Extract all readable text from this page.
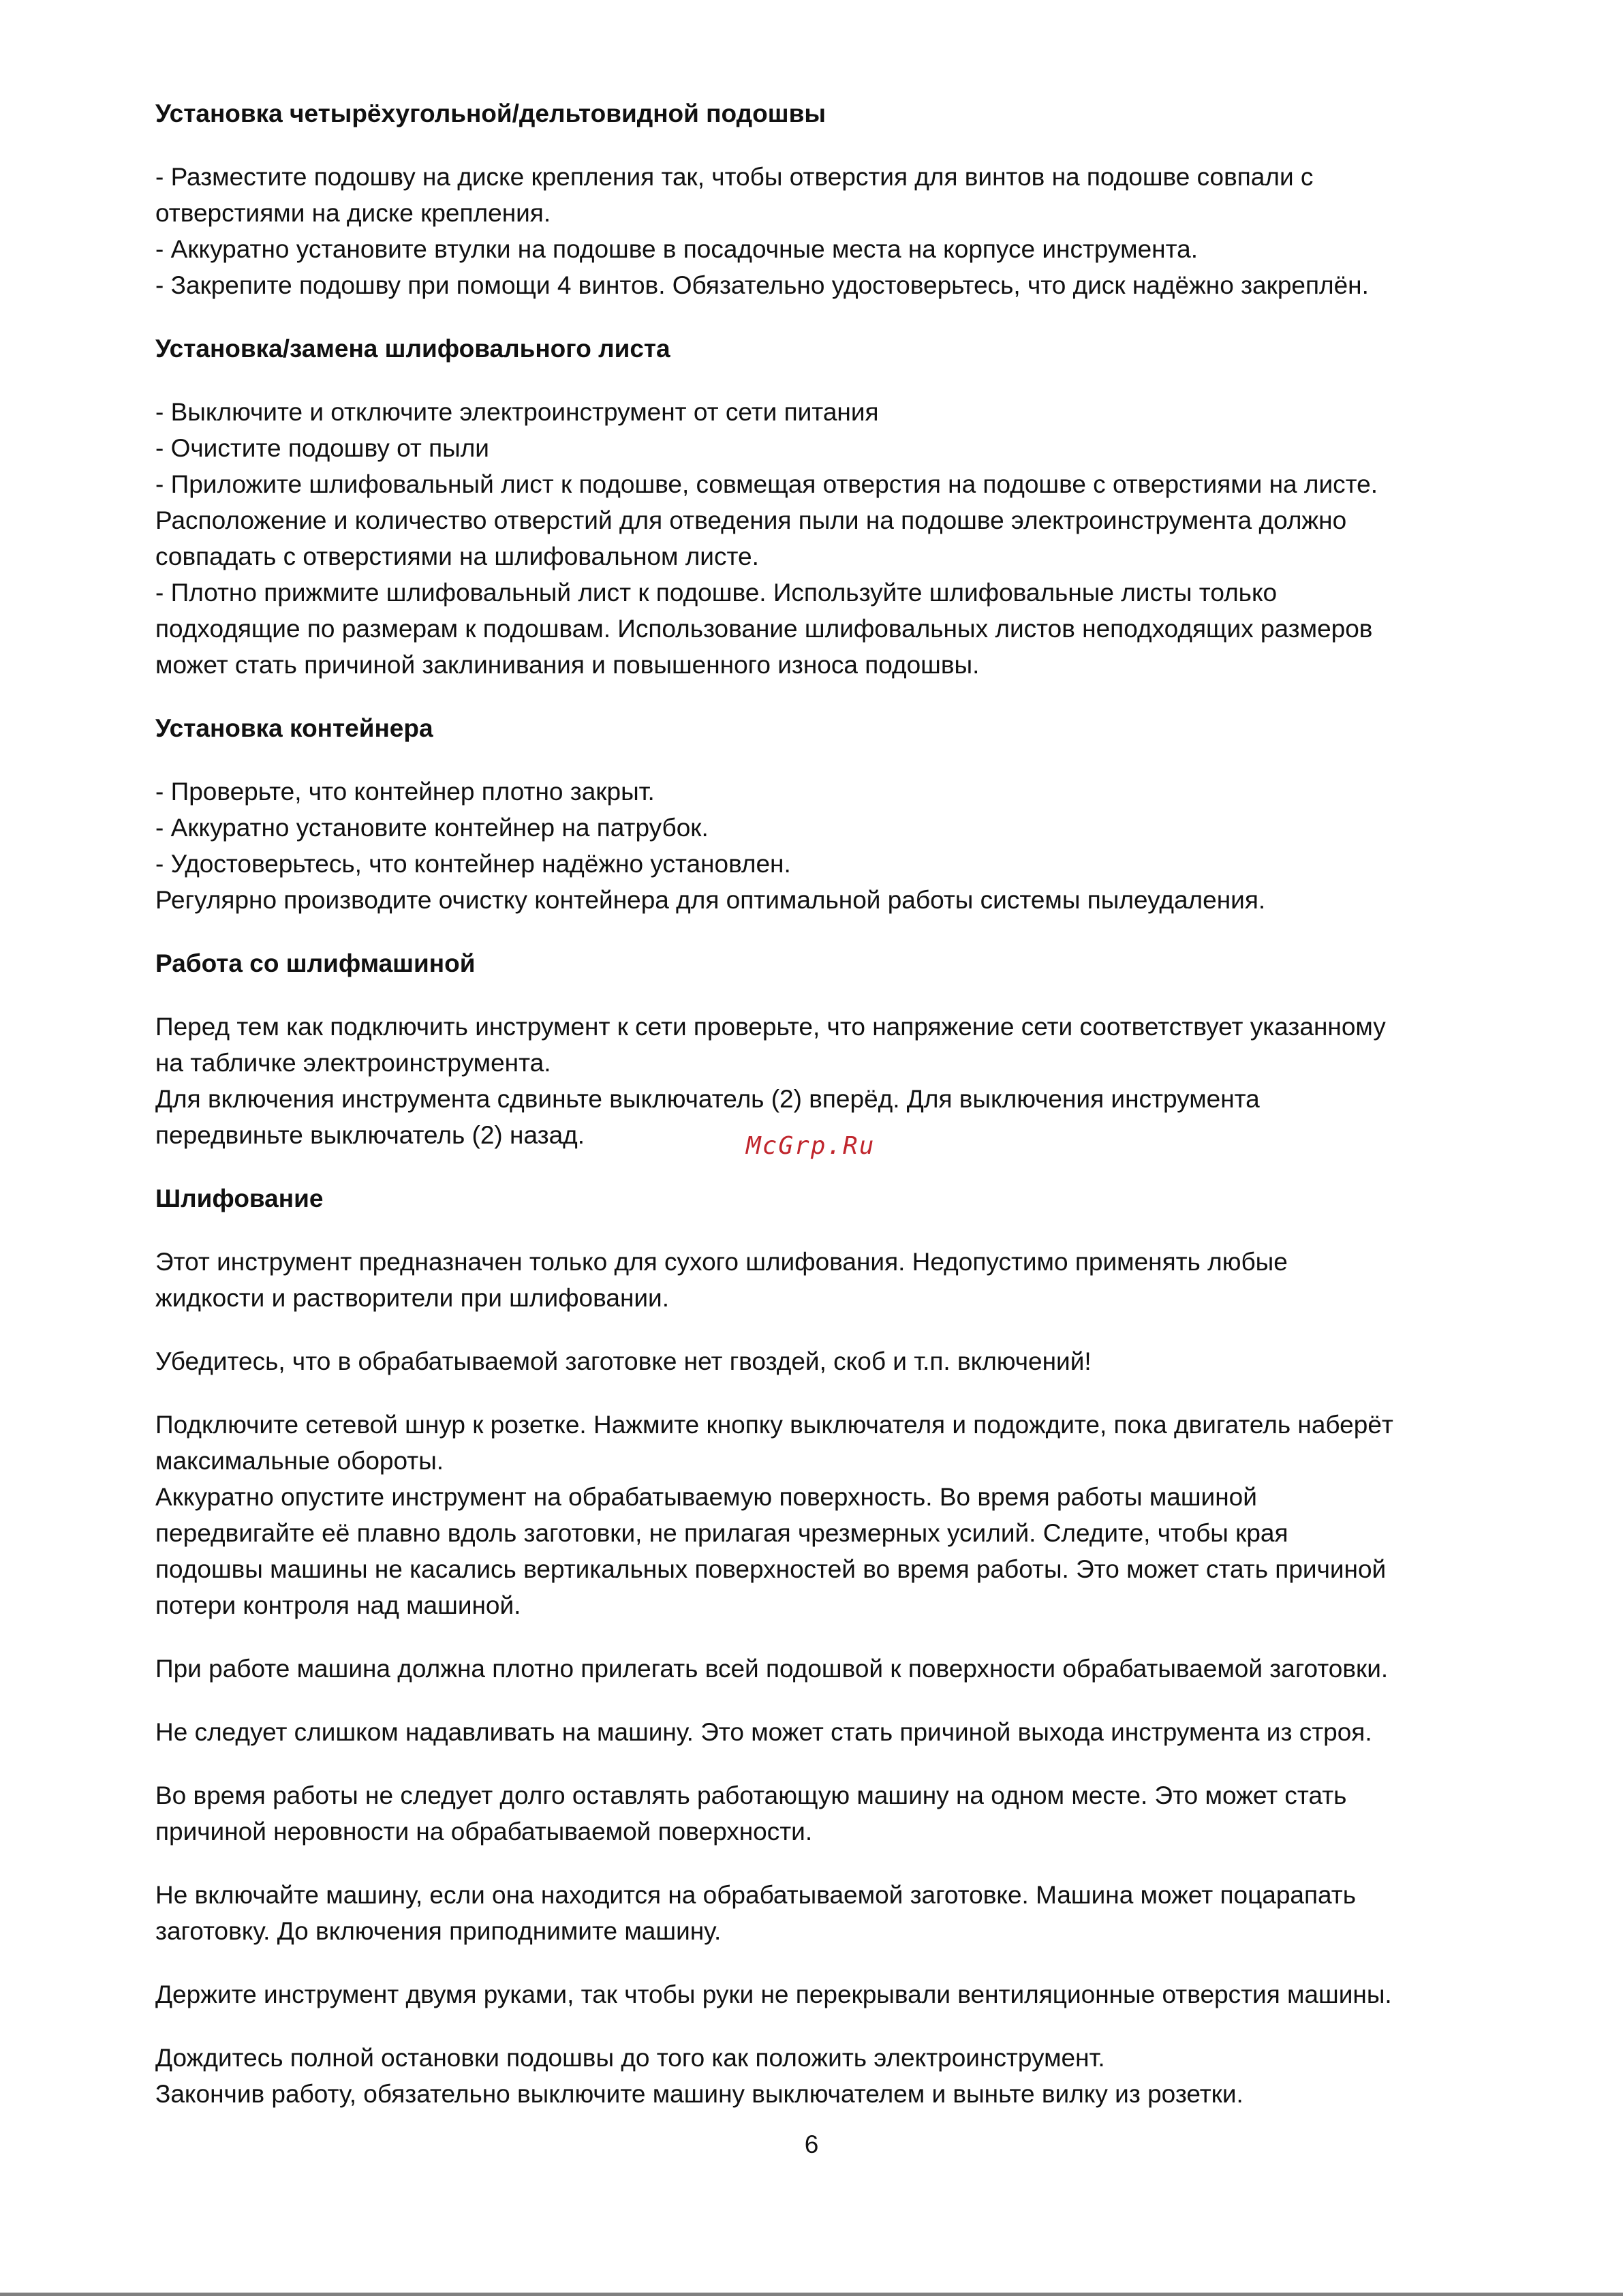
Установка четырёхугольной/дельтовидной подошвы
- Разместите подошву на диске крепления так, чтобы отверстия для винтов на подошве совпали с
отверстиями на диске крепления.
- Аккуратно установите втулки на подошве в посадочные места на корпусе инструмента.
- Закрепите подошву при помощи 4 винтов. Обязательно удостоверьтесь, что диск надёжно закреплён.
Установка/замена шлифовального листа
- Выключите и отключите электроинструмент от сети питания
- Очистите подошву от пыли
- Приложите шлифовальный лист к подошве, совмещая отверстия на подошве с отверстиями на листе.
Расположение и количество отверстий для отведения пыли на подошве электроинструмента должно
совпадать с отверстиями на шлифовальном листе.
- Плотно прижмите шлифовальный лист к подошве. Используйте шлифовальные листы только
подходящие по размерам к подошвам. Использование шлифовальных листов неподходящих размеров
может стать причиной заклинивания и повышенного износа подошвы.
Установка контейнера
- Проверьте, что контейнер плотно закрыт.
- Аккуратно установите контейнер на патрубок.
- Удостоверьтесь, что контейнер надёжно установлен.
Регулярно производите очистку контейнера для оптимальной работы системы пылеудаления.
Работа со шлифмашиной
Перед тем как подключить инструмент к сети проверьте, что напряжение сети соответствует указанному
на табличке электроинструмента.
Для включения инструмента сдвиньте выключатель (2) вперёд. Для выключения инструмента
передвиньте выключатель (2) назад.
Шлифование
Этот инструмент предназначен только для сухого шлифования. Недопустимо применять любые
жидкости и растворители при шлифовании.
Убедитесь, что в обрабатываемой заготовке нет гвоздей, скоб и т.п. включений!
Подключите сетевой шнур к розетке. Нажмите кнопку выключателя и подождите, пока двигатель наберёт
максимальные обороты.
Аккуратно опустите инструмент на обрабатываемую поверхность. Во время работы машиной
передвигайте её плавно вдоль заготовки, не прилагая чрезмерных усилий. Следите, чтобы края
подошвы машины не касались вертикальных поверхностей во время работы. Это может стать причиной
потери контроля над машиной.
При работе машина должна плотно прилегать всей подошвой к поверхности обрабатываемой заготовки.
Не следует слишком надавливать на машину. Это может стать причиной выхода инструмента из строя.
Во время работы не следует долго оставлять работающую машину на одном месте. Это может стать
причиной неровности на обрабатываемой поверхности.
Не включайте машину, если она находится на обрабатываемой заготовке. Машина может поцарапать
заготовку. До включения приподнимите машину.
Держите инструмент двумя руками, так чтобы руки не перекрывали вентиляционные отверстия машины.
Дождитесь полной остановки подошвы до того как положить электроинструмент.
Закончив работу, обязательно выключите машину выключателем и выньте вилку из розетки.
McGrp.Ru
6
